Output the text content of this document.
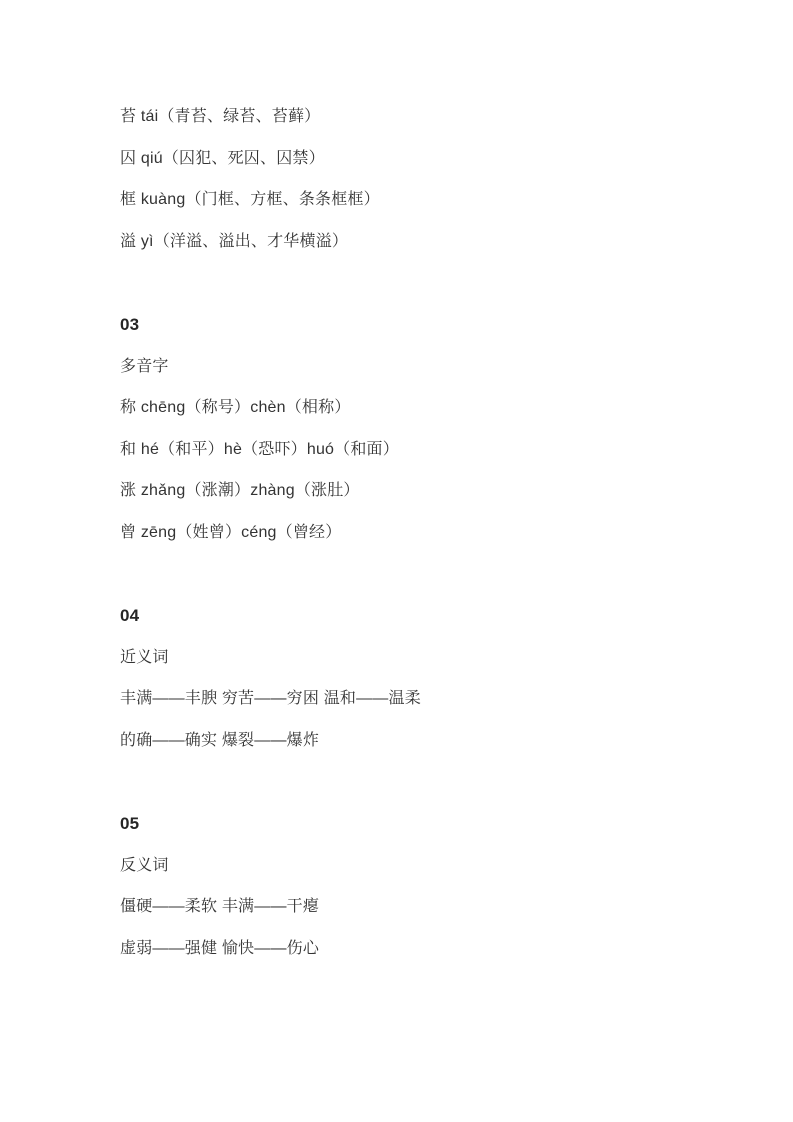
苔 tái（青苔、绿苔、苔藓）

囚 qiú（囚犯、死囚、囚禁）

框 kuàng（门框、方框、条条框框）

溢 yì（洋溢、溢出、才华横溢）

03

多音字

称 chēng（称号）chèn（相称）

和 hé（和平）hè（恐吓）huó（和面）

涨 zhǎng（涨潮）zhàng（涨肚）

曾 zēng（姓曾）céng（曾经）

04

近义词

丰满——丰腴 穷苦——穷困 温和——温柔

的确——确实 爆裂——爆炸

05

反义词

僵硬——柔软 丰满——干瘪

虚弱——强健 愉快——伤心
